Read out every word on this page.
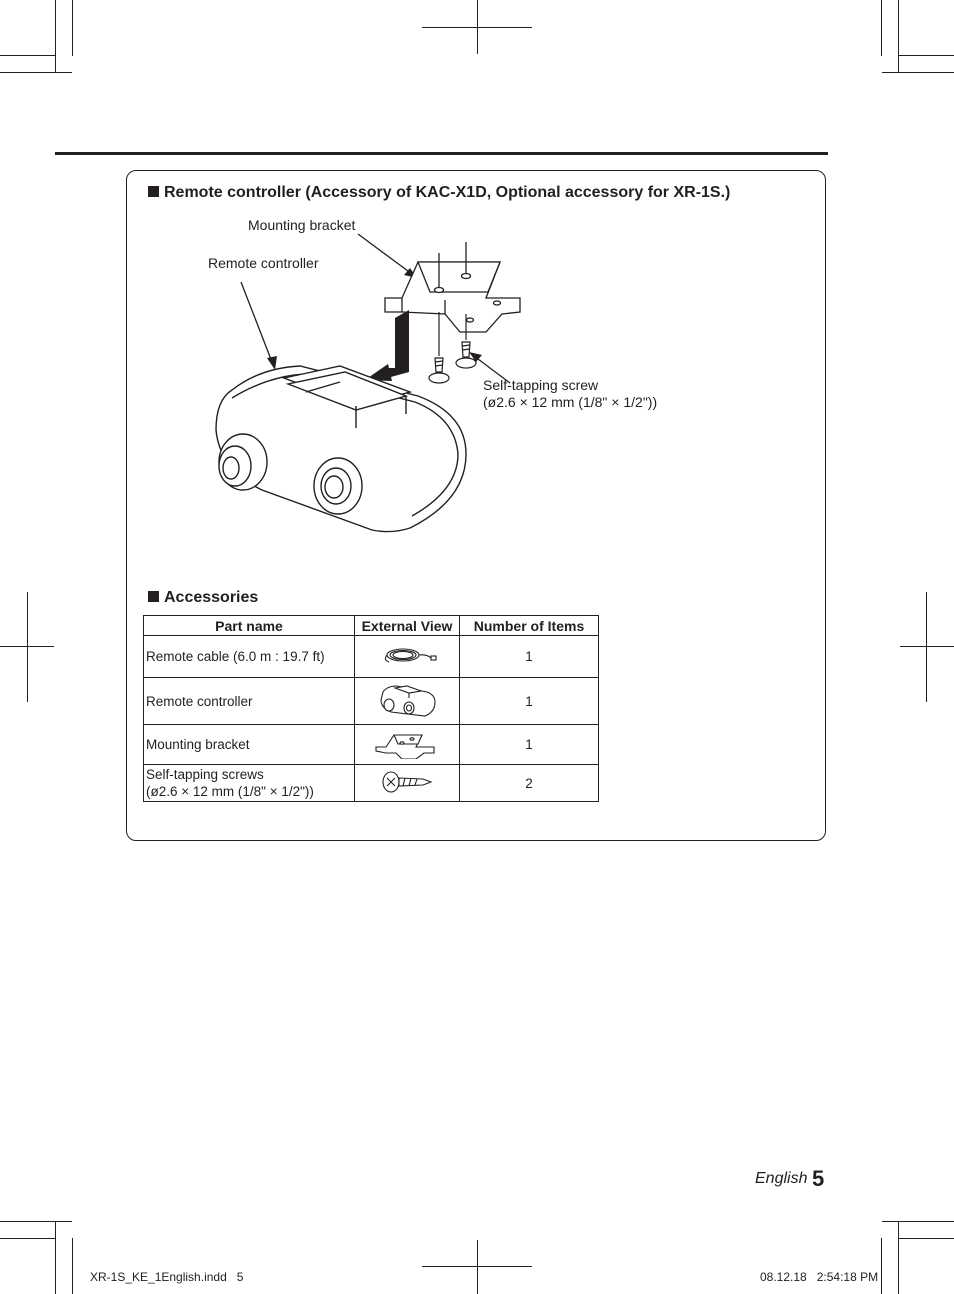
Remote controller (Accessory of KAC-X1D, Optional accessory for XR-1S.)
Mounting bracket
Remote controller
Self-tapping screw
(ø2.6 × 12 mm (1/8" × 1/2"))
Accessories
Part name	External View	Number of Items
Remote cable (6.0 m : 19.7 ft)		1
Remote controller		1
Mounting bracket		1

Self-tapping screws
(ø2.6 × 12 mm (1/8" × 1/2"))		2
English 5
XR-1S_KE_1English.indd   5	08.12.18   2:54:18 PM
